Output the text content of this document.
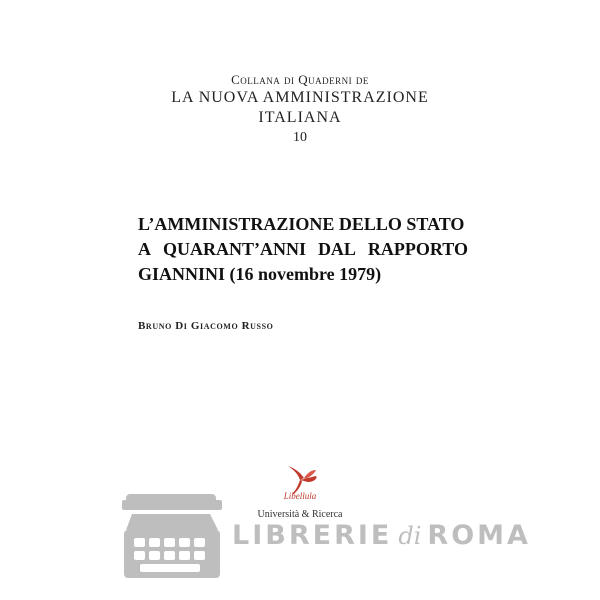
Collana di Quaderni de
LA NUOVA AMMINISTRAZIONE
ITALIANA
10
L’AMMINISTRAZIONE DELLO STATO
A QUARANT’ANNI DAL RAPPORTO
GIANNINI (16 novembre 1979)
Bruno Di Giacomo Russo
Libellula
Università & Ricerca
LIBRERIE di ROMA
